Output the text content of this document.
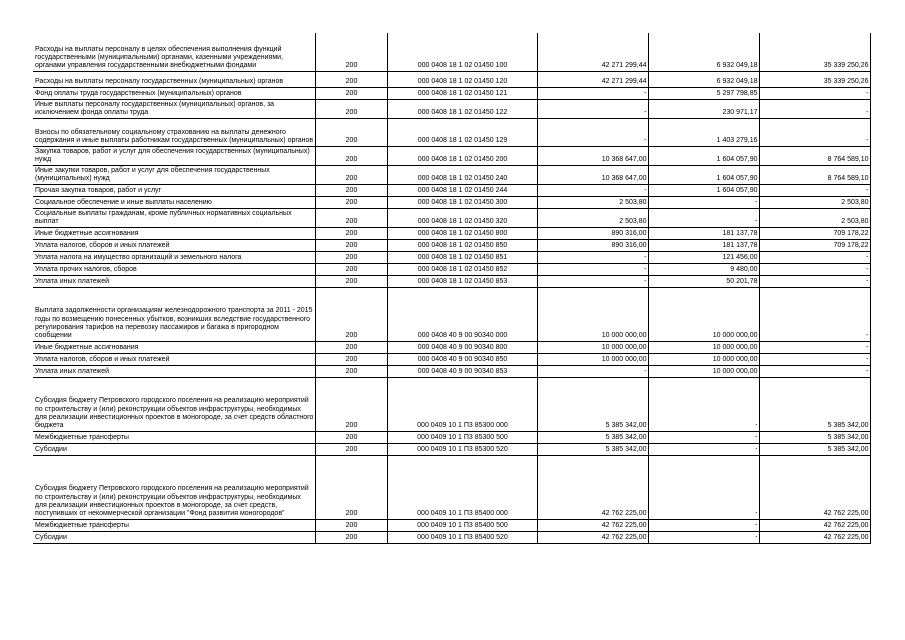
Расходы на выплаты персоналу в целях обеспечения выполнения функций государственными (муниципальными) органами, казенными учреждениями, органами управления государственными внебюджетными фондами	200	000 0408 18 1 02 01450 100	42 271 299,44	6 932 049,18	35 339 250,26
Расходы на выплаты персоналу государственных (муниципальных) органов	200	000 0408 18 1 02 01450 120	42 271 299,44	6 932 049,18	35 339 250,26
Фонд оплаты труда государственных (муниципальных) органов	200	000 0408 18 1 02 01450 121	-	5 297 798,85	-
Иные выплаты персоналу государственных (муниципальных) органов, за исключением фонда оплаты труда	200	000 0408 18 1 02 01450 122	-	230 971,17	-
Взносы по обязательному социальному страхованию на выплаты денежного содержания и иные выплаты работникам государственных (муниципальных) органов	200	000 0408 18 1 02 01450 129	-	1 403 279,16	-
Закупка товаров, работ и услуг для обеспечения государственных (муниципальных) нужд	200	000 0408 18 1 02 01450 200	10 368 647,00	1 604 057,90	8 764 589,10
Иные закупки товаров, работ и услуг для обеспечения государственных (муниципальных) нужд	200	000 0408 18 1 02 01450 240	10 368 647,00	1 604 057,90	8 764 589,10
Прочая закупка товаров, работ и услуг	200	000 0408 18 1 02 01450 244	-	1 604 057,90	-
Социальное обеспечение и иные выплаты населению	200	000 0408 18 1 02 01450 300	2 503,80	-	2 503,80
Социальные выплаты гражданам, кроме публичных нормативных социальных выплат	200	000 0408 18 1 02 01450 320	2 503,80	-	2 503,80
Иные бюджетные ассигнования	200	000 0408 18 1 02 01450 800	890 316,00	181 137,78	709 178,22
Уплата налогов, сборов и иных платежей	200	000 0408 18 1 02 01450 850	890 316,00	181 137,78	709 178,22
Уплата налога на имущество организаций и земельного налога	200	000 0408 18 1 02 01450 851	-	121 456,00	-
Уплата прочих налогов, сборов	200	000 0408 18 1 02 01450 852	-	9 480,00	-
Уплата иных платежей	200	000 0408 18 1 02 01450 853	-	50 201,78	-
Выплата задолженности организациям железнодорожного транспорта за 2011 - 2015 годы по возмещению понесенных убытков, возникших вследствие государственного регулирования тарифов на перевозку пассажиров и багажа в пригородном сообщении	200	000 0408 40 9 00 90340 000	10 000 000,00	10 000 000,00	-
Иные бюджетные ассигнования	200	000 0408 40 9 00 90340 800	10 000 000,00	10 000 000,00	-
Уплата налогов, сборов и иных платежей	200	000 0408 40 9 00 90340 850	10 000 000,00	10 000 000,00	-
Уплата иных платежей	200	000 0408 40 9 00 90340 853	-	10 000 000,00	-
Субсидия бюджету Петровского городского поселения на реализацию мероприятий по строительству и (или) реконструкции объектов инфраструктуры, необходимых для реализации инвестиционных проектов в моногороде, за счет средств областного бюджета	200	000 0409 10 1 П3 85300 000	5 385 342,00	-	5 385 342,00
Межбюджетные трансферты	200	000 0409 10 1 П3 85300 500	5 385 342,00	-	5 385 342,00
Субсидии	200	000 0409 10 1 П3 85300 520	5 385 342,00	-	5 385 342,00
Субсидия бюджету Петровского городского поселения на реализацию мероприятий по строительству и (или) реконструкции объектов инфраструктуры, необходимых для реализации инвестиционных проектов в моногороде, за счет средств, поступивших от некоммерческой организации "Фонд развития моногородов"	200	000 0409 10 1 П3 85400 000	42 762 225,00	-	42 762 225,00
Межбюджетные трансферты	200	000 0409 10 1 П3 85400 500	42 762 225,00	-	42 762 225,00
Субсидии	200	000 0409 10 1 П3 85400 520	42 762 225,00	-	42 762 225,00
